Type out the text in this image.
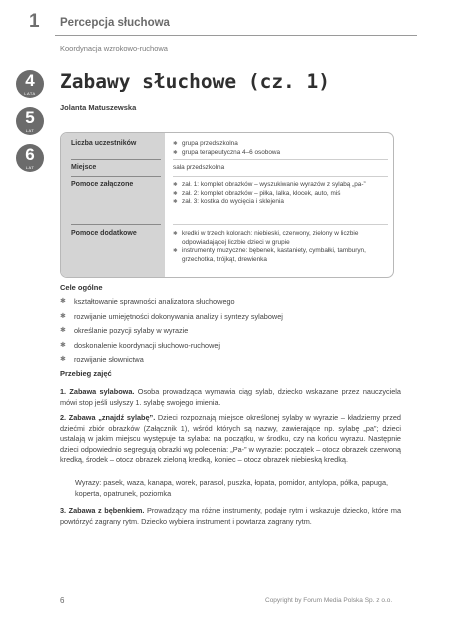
1 Percepcja słuchowa
Koordynacja wzrokowo-ruchowa
4
LATA
5
LAT
6
LAT
Zabawy słuchowe (cz. 1)
Jolanta Matuszewska
Liczba uczestników	✱ grupa przedszkolna
✱ grupa terapeutyczna 4–6 osobowa
Miejsce	sala przedszkolna
Pomoce załączone	✱ zał. 1: komplet obrazków – wyszukiwanie wyrazów z sylabą „pa-”
✱ zał. 2: komplet obrazków – piłka, lalka, klocek, auto, miś
✱ zał. 3: kostka do wycięcia i sklejenia
Pomoce dodatkowe	✱ kredki w trzech kolorach: niebieski, czerwony, zielony w liczbie odpowiadającej liczbie dzieci w grupie
✱ instrumenty muzyczne: bębenek, kastaniety, cymbałki, tamburyn, grzechotka, trójkąt, drewienka
Cele ogólne
✱ kształtowanie sprawności analizatora słuchowego
✱ rozwijanie umiejętności dokonywania analizy i syntezy sylabowej
✱ określanie pozycji sylaby w wyrazie
✱ doskonalenie koordynacji słuchowo-ruchowej
✱ rozwijanie słownictwa
Przebieg zajęć
1. Zabawa sylabowa. Osoba prowadząca wymawia ciąg sylab, dziecko wskazane przez nauczyciela mówi stop jeśli usłyszy 1. sylabę swojego imienia.
2. Zabawa „znajdź sylabę”. Dzieci rozpoznają miejsce określonej sylaby w wyrazie – kładziemy przed dziećmi zbiór obrazków (Załącznik 1), wśród których są nazwy, zawierające np. sylabę „pa”; dzieci ustalają w jakim miejscu występuje ta sylaba: na początku, w środku, czy na końcu wyrazu. Następnie dzieci odpowiednio segregują obrazki wg polecenia: „Pa-” w wyrazie: początek – otocz obrazek czerwoną kredką, środek – otocz obrazek zieloną kredką, koniec – otocz obrazek niebieską kredką.
Wyrazy: pasek, waza, kanapa, worek, parasol, puszka, łopata, pomidor, antylopa, półka, papuga, koperta, opatrunek, poziomka
3. Zabawa z bębenkiem. Prowadzący ma różne instrumenty, podaje rytm i wskazuje dziecko, które ma powtórzyć zagrany rytm. Dziecko wybiera instrument i powtarza zagrany rytm.
6	Copyright by Forum Media Polska Sp. z o.o.
